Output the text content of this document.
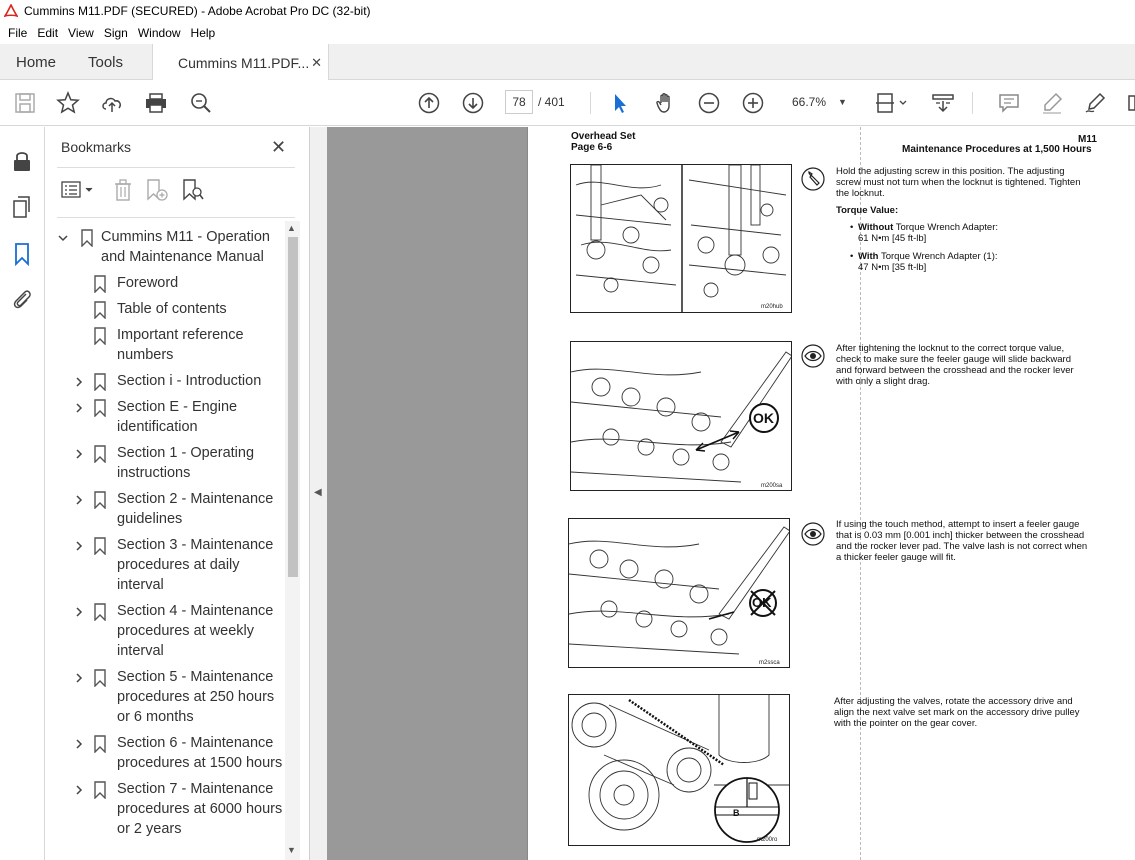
Cummins M11.PDF (SECURED) - Adobe Acrobat Pro DC (32-bit)
File Edit View Sign Window Help
Home Tools	Cummins M11.PDF... ✕
78	/ 401	66.7% ▼
Bookmarks	✕
Cummins M11 - Operation
and Maintenance Manual
Foreword
Table of contents
Important reference
numbers
Section i - Introduction
Section E - Engine
identification
Section 1 - Operating
instructions
Section 2 - Maintenance
guidelines
Section 3 - Maintenance
procedures at daily
interval
Section 4 - Maintenance
procedures at weekly
interval
Section 5 - Maintenance
procedures at 250 hours
or 6 months
Section 6 - Maintenance
procedures at 1500 hours
Section 7 - Maintenance
procedures at 6000 hours
or 2 years
▲
▼
◀
Overhead Set
Page 6-6
M11
Maintenance Procedures at 1,500 Hours
m20hub
Hold the adjusting screw in this position. The adjusting
screw must not turn when the locknut is tightened. Tighten
the locknut.
Torque Value:
• Without Torque Wrench Adapter:
61 N•m [45 ft-lb]
• With Torque Wrench Adapter (1):
47 N•m [35 ft-lb]
OK
m200sa
After tightening the locknut to the correct torque value,
check to make sure the feeler gauge will slide backward
and forward between the crosshead and the rocker lever
with only a slight drag.
OK
m2ssca
If using the touch method, attempt to insert a feeler gauge
that is 0.03 mm [0.001 inch] thicker between the crosshead
and the rocker lever pad. The valve lash is not correct when
a thicker feeler gauge will fit.
B
m200ro
After adjusting the valves, rotate the accessory drive and
align the next valve set mark on the accessory drive pulley
with the pointer on the gear cover.
